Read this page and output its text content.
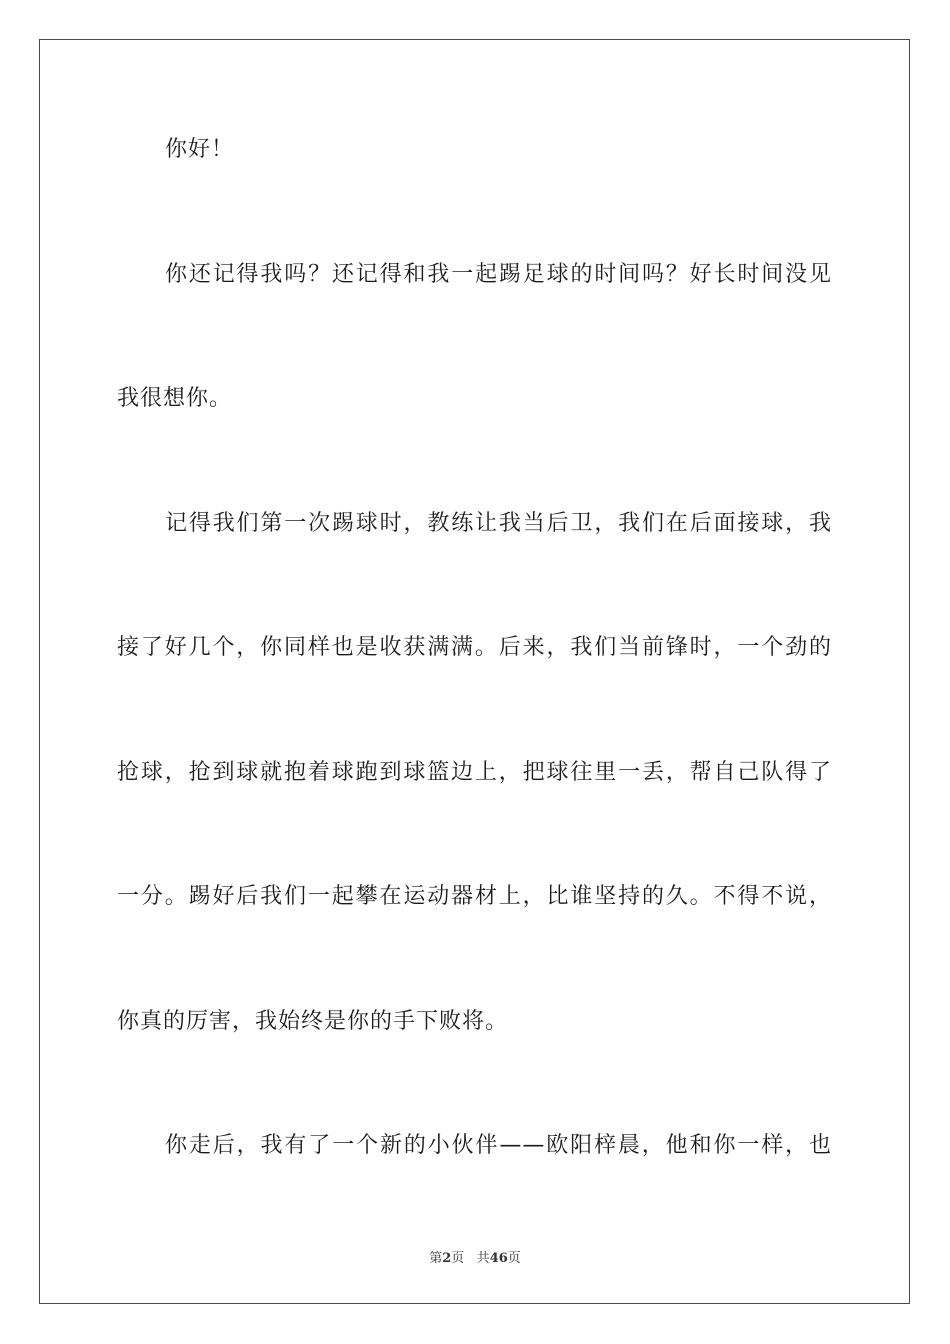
你好！
你还记得我吗？还记得和我一起踢足球的时间吗？好长时间没见
我很想你。
记得我们第一次踢球时，教练让我当后卫，我们在后面接球，我
接了好几个，你同样也是收获满满。后来，我们当前锋时，一个劲的
抢球，抢到球就抱着球跑到球篮边上，把球往里一丢，帮自己队得了
一分。踢好后我们一起攀在运动器材上，比谁坚持的久。不得不说，
你真的厉害，我始终是你的手下败将。
你走后，我有了一个新的小伙伴——欧阳梓晨，他和你一样，也
第2页 共46页
